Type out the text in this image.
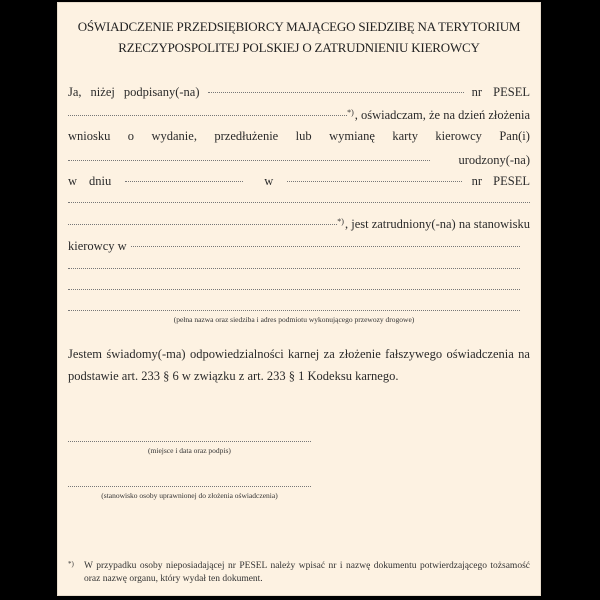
OŚWIADCZENIE PRZEDSIĘBIORCY MAJĄCEGO SIEDZIBĘ NA TERYTORIUM
RZECZYPOSPOLITEJ POLSKIEJ O ZATRUDNIENIU KIEROWCY
Ja, niżej podpisany(-na)	nr PESEL
*) , oświadczam, że na dzień złożenia
wniosku o wydanie, przedłużenie lub wymianę karty kierowcy Pan(i)
urodzony(-na)
w dniu	w	nr PESEL
*) , jest zatrudniony(-na) na stanowisku
kierowcy w
(pełna nazwa oraz siedziba i adres podmiotu wykonującego przewozy drogowe)
Jestem świadomy(-ma) odpowiedzialności karnej za złożenie fałszywego oświadczenia na
podstawie art. 233 § 6 w związku z art. 233 § 1 Kodeksu karnego.
(miejsce i data oraz podpis)
(stanowisko osoby uprawnionej do złożenia oświadczenia)
*)	W przypadku osoby nieposiadającej nr PESEL należy wpisać nr i nazwę dokumentu potwierdzającego tożsamość oraz nazwę organu, który wydał ten dokument.
